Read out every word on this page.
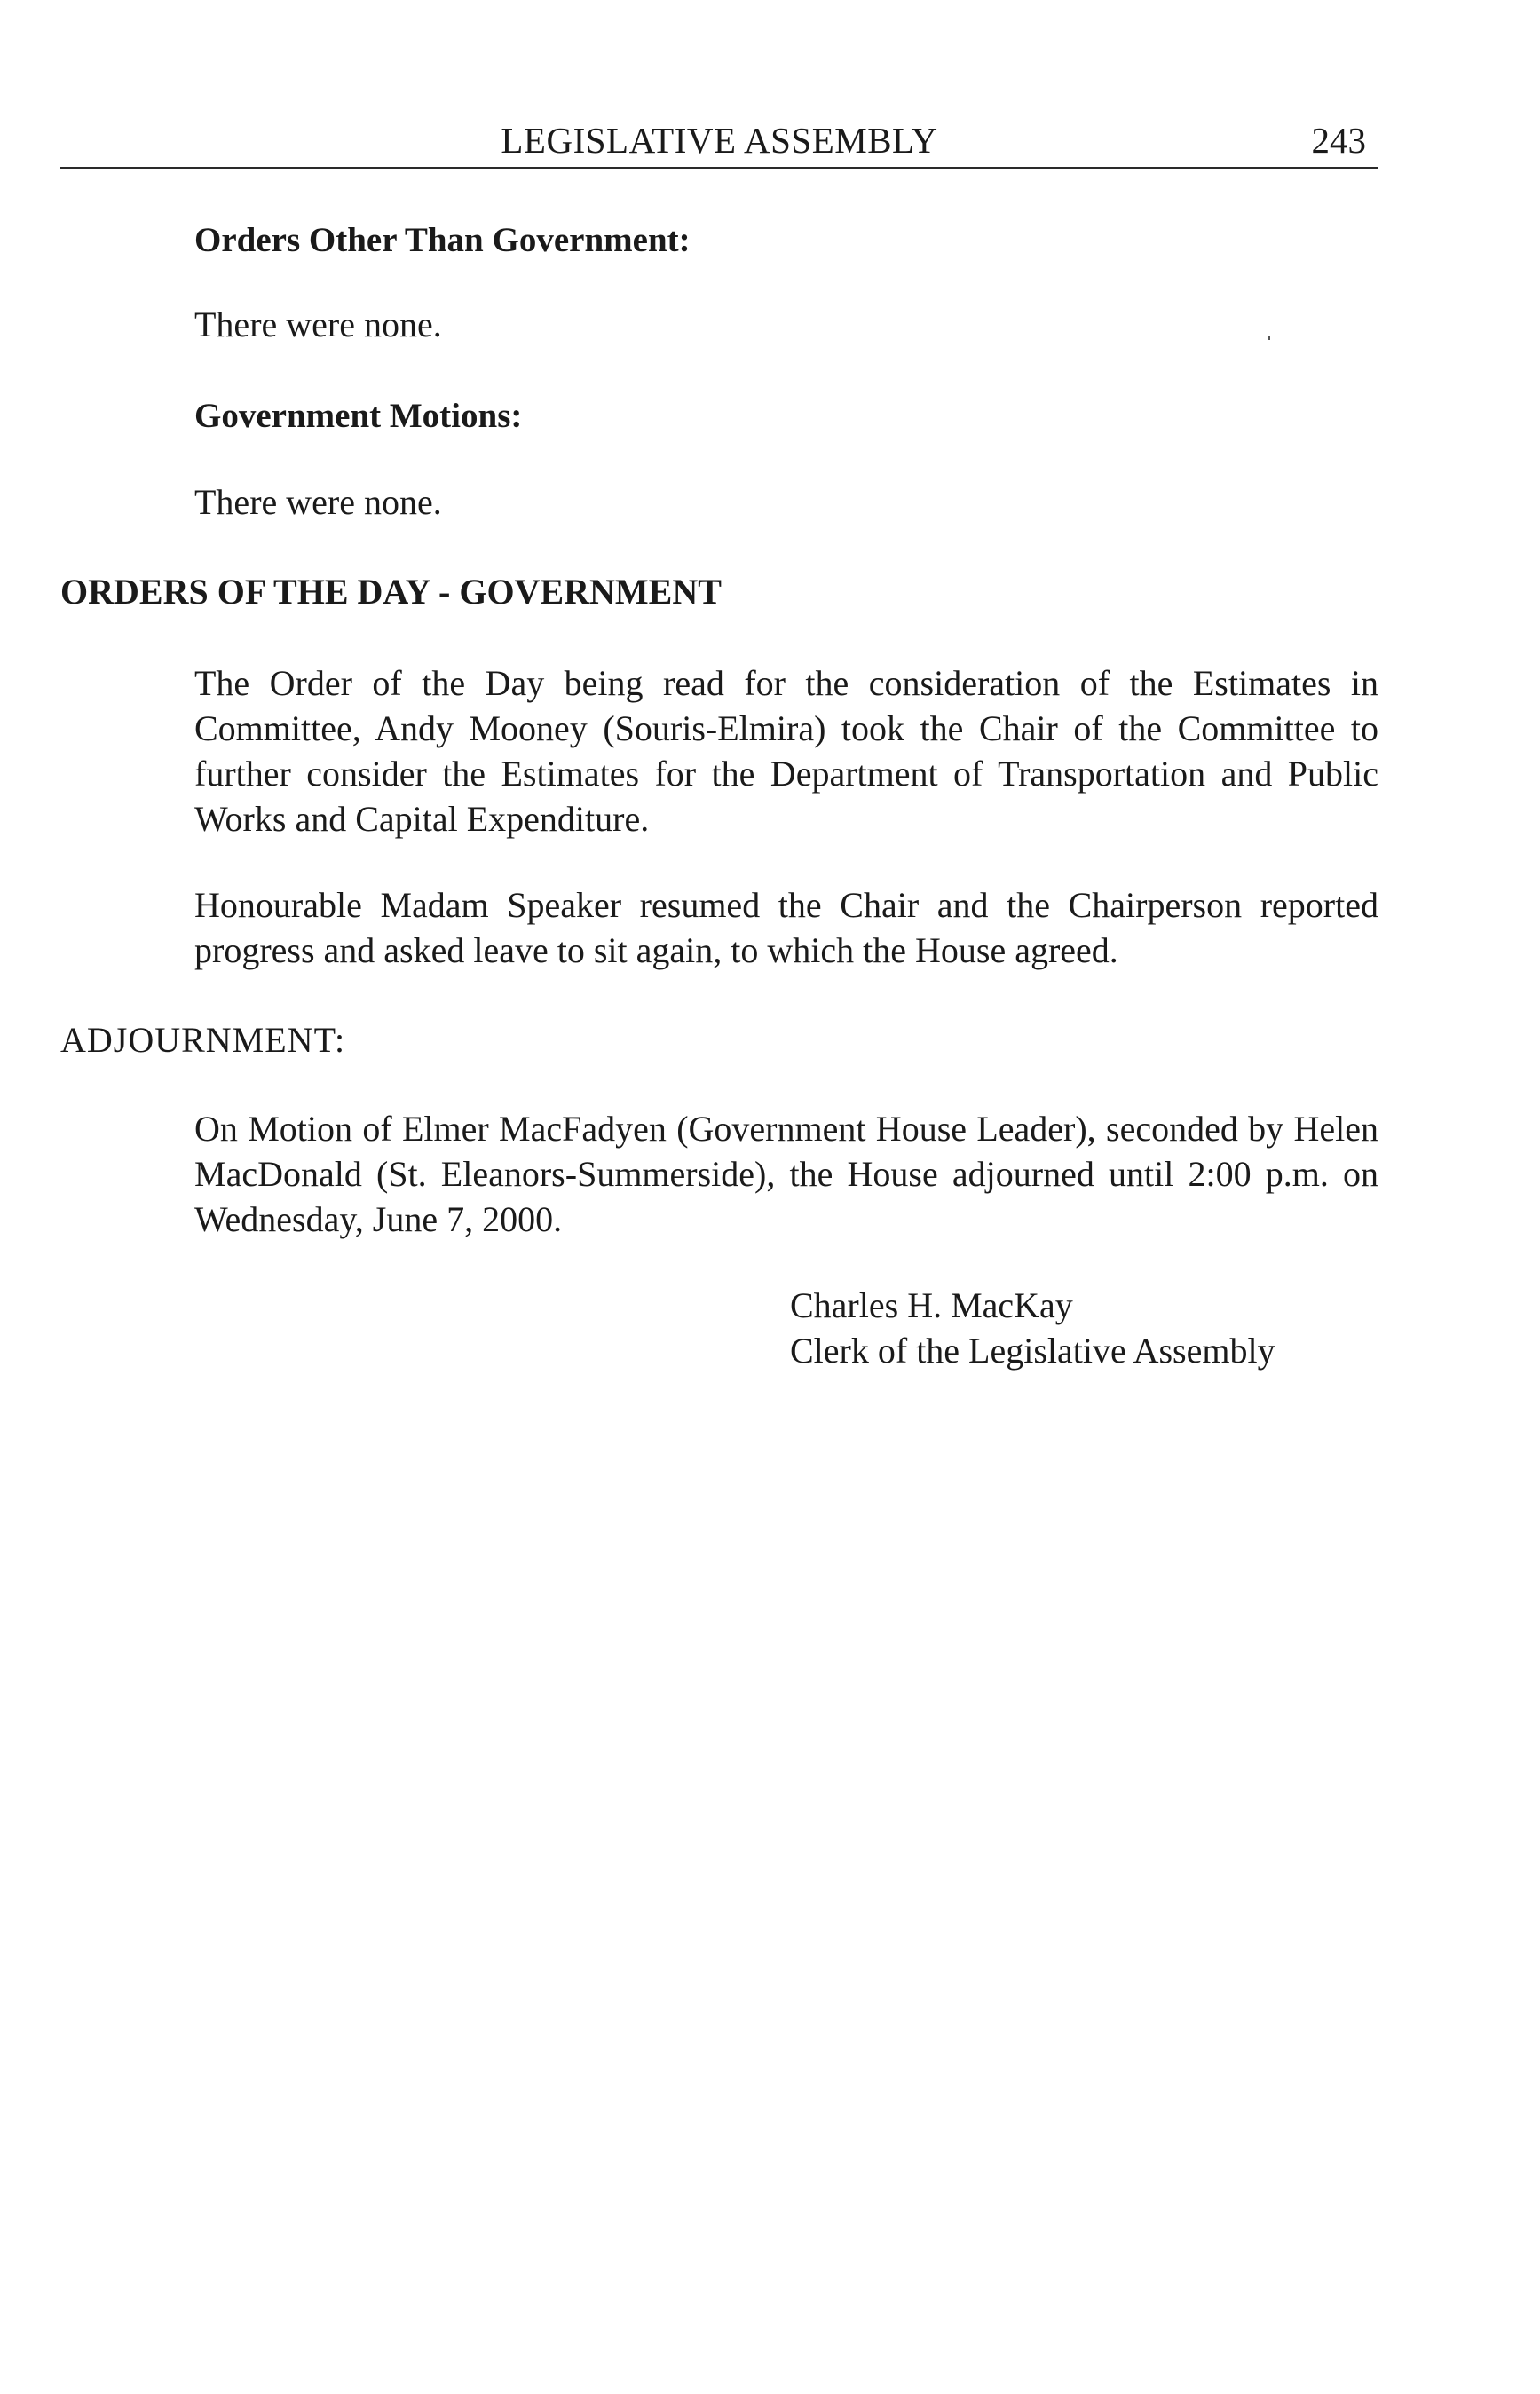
LEGISLATIVE ASSEMBLY	243
Orders Other Than Government:
There were none.
Government Motions:
There were none.
ORDERS OF THE DAY - GOVERNMENT

The Order of the Day being read for the consideration of the Estimates in Committee, Andy Mooney (Souris-Elmira) took the Chair of the Committee to further consider the Estimates for the Department of Transportation and Public Works and Capital Expenditure.

Honourable Madam Speaker resumed the Chair and the Chairperson reported progress and asked leave to sit again, to which the House agreed.

ADJOURNMENT:

On Motion of Elmer MacFadyen (Government House Leader), seconded by Helen MacDonald (St. Eleanors-Summerside), the House adjourned until 2:00 p.m. on Wednesday, June 7, 2000.

Charles H. MacKay
Clerk of the Legislative Assembly
